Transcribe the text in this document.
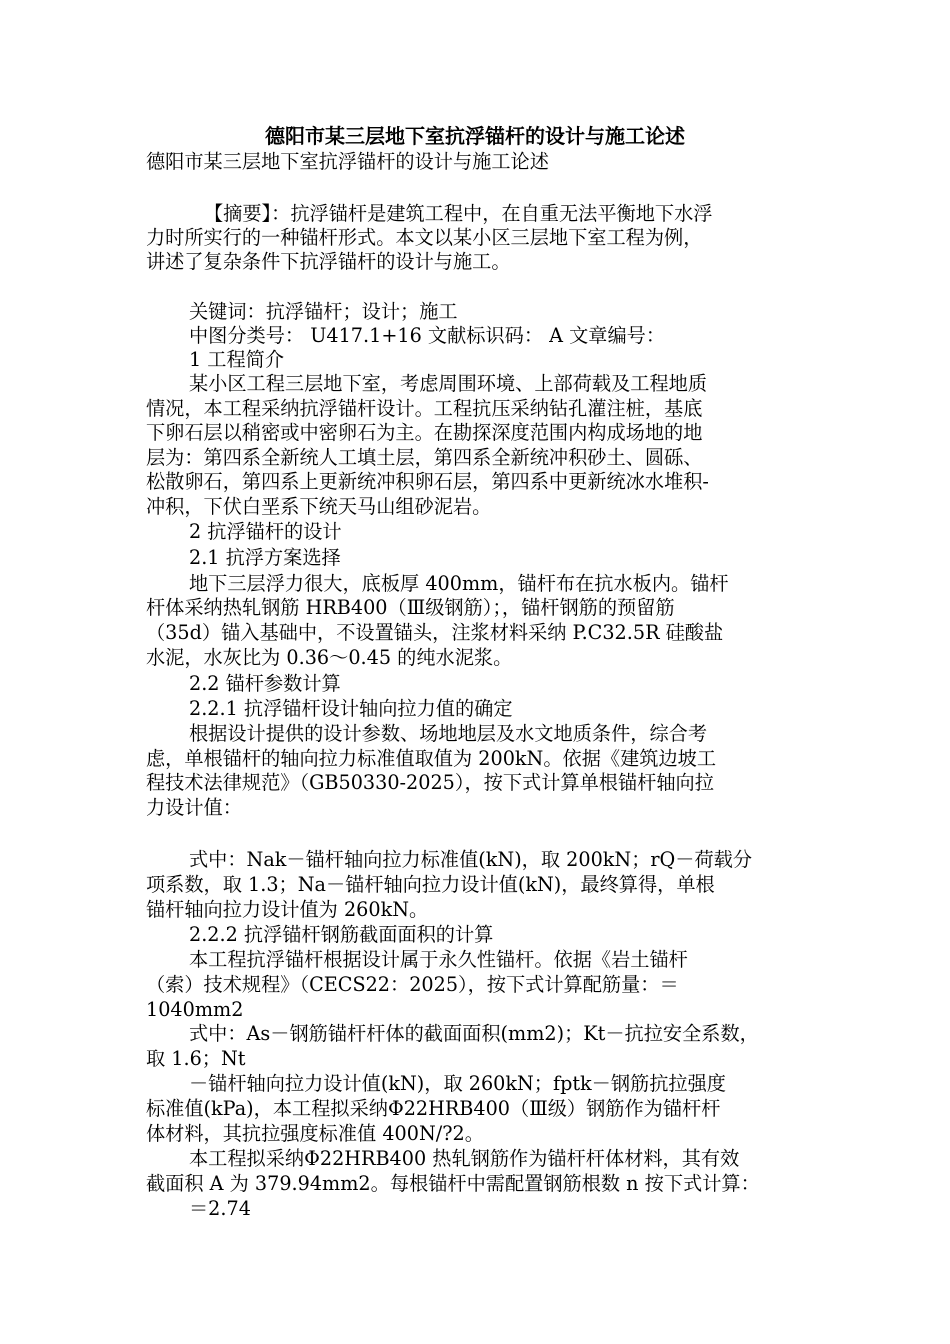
德阳市某三层地下室抗浮锚杆的设计与施工论述
德阳市某三层地下室抗浮锚杆的设计与施工论述
【摘要】：抗浮锚杆是建筑工程中，在自重无法平衡地下水浮
力时所实行的一种锚杆形式。本文以某小区三层地下室工程为例，
讲述了复杂条件下抗浮锚杆的设计与施工。
关键词：抗浮锚杆；设计；施工
中图分类号： U417.1+16 文献标识码： A 文章编号：
1 工程简介
某小区工程三层地下室，考虑周围环境、上部荷载及工程地质
情况，本工程采纳抗浮锚杆设计。工程抗压采纳钻孔灌注桩，基底
下卵石层以稍密或中密卵石为主。在勘探深度范围内构成场地的地
层为：第四系全新统人工填土层，第四系全新统冲积砂土、圆砾、
松散卵石，第四系上更新统冲积卵石层，第四系中更新统冰水堆积-
冲积，下伏白垩系下统天马山组砂泥岩。
2 抗浮锚杆的设计
2.1 抗浮方案选择
地下三层浮力很大，底板厚 400mm，锚杆布在抗水板内。锚杆
杆体采纳热轧钢筋 HRB400（Ⅲ级钢筋）；，锚杆钢筋的预留筋
（35d）锚入基础中，不设置锚头，注浆材料采纳 P.C32.5R 硅酸盐
水泥，水灰比为 0.36～0.45 的纯水泥浆。
2.2 锚杆参数计算
2.2.1 抗浮锚杆设计轴向拉力值的确定
根据设计提供的设计参数、场地地层及水文地质条件，综合考
虑，单根锚杆的轴向拉力标准值取值为 200kN。依据《建筑边坡工
程技术法律规范》（GB50330-2025），按下式计算单根锚杆轴向拉
力设计值：
式中：Nak－锚杆轴向拉力标准值(kN)，取 200kN；rQ－荷载分
项系数，取 1.3；Na－锚杆轴向拉力设计值(kN)，最终算得，单根
锚杆轴向拉力设计值为 260kN。
2.2.2 抗浮锚杆钢筋截面面积的计算
本工程抗浮锚杆根据设计属于永久性锚杆。依据《岩土锚杆
（索）技术规程》（CECS22：2025），按下式计算配筋量：＝
1040mm2
式中：As－钢筋锚杆杆体的截面面积(mm2)；Kt－抗拉安全系数，
取 1.6；Nt
－锚杆轴向拉力设计值(kN)，取 260kN；fptk－钢筋抗拉强度
标准值(kPa)，本工程拟采纳Φ22HRB400（Ⅲ级）钢筋作为锚杆杆
体材料，其抗拉强度标准值 400N/?2。
本工程拟采纳Φ22HRB400 热轧钢筋作为锚杆杆体材料，其有效
截面积 A 为 379.94mm2。每根锚杆中需配置钢筋根数 n 按下式计算：
＝2.74
